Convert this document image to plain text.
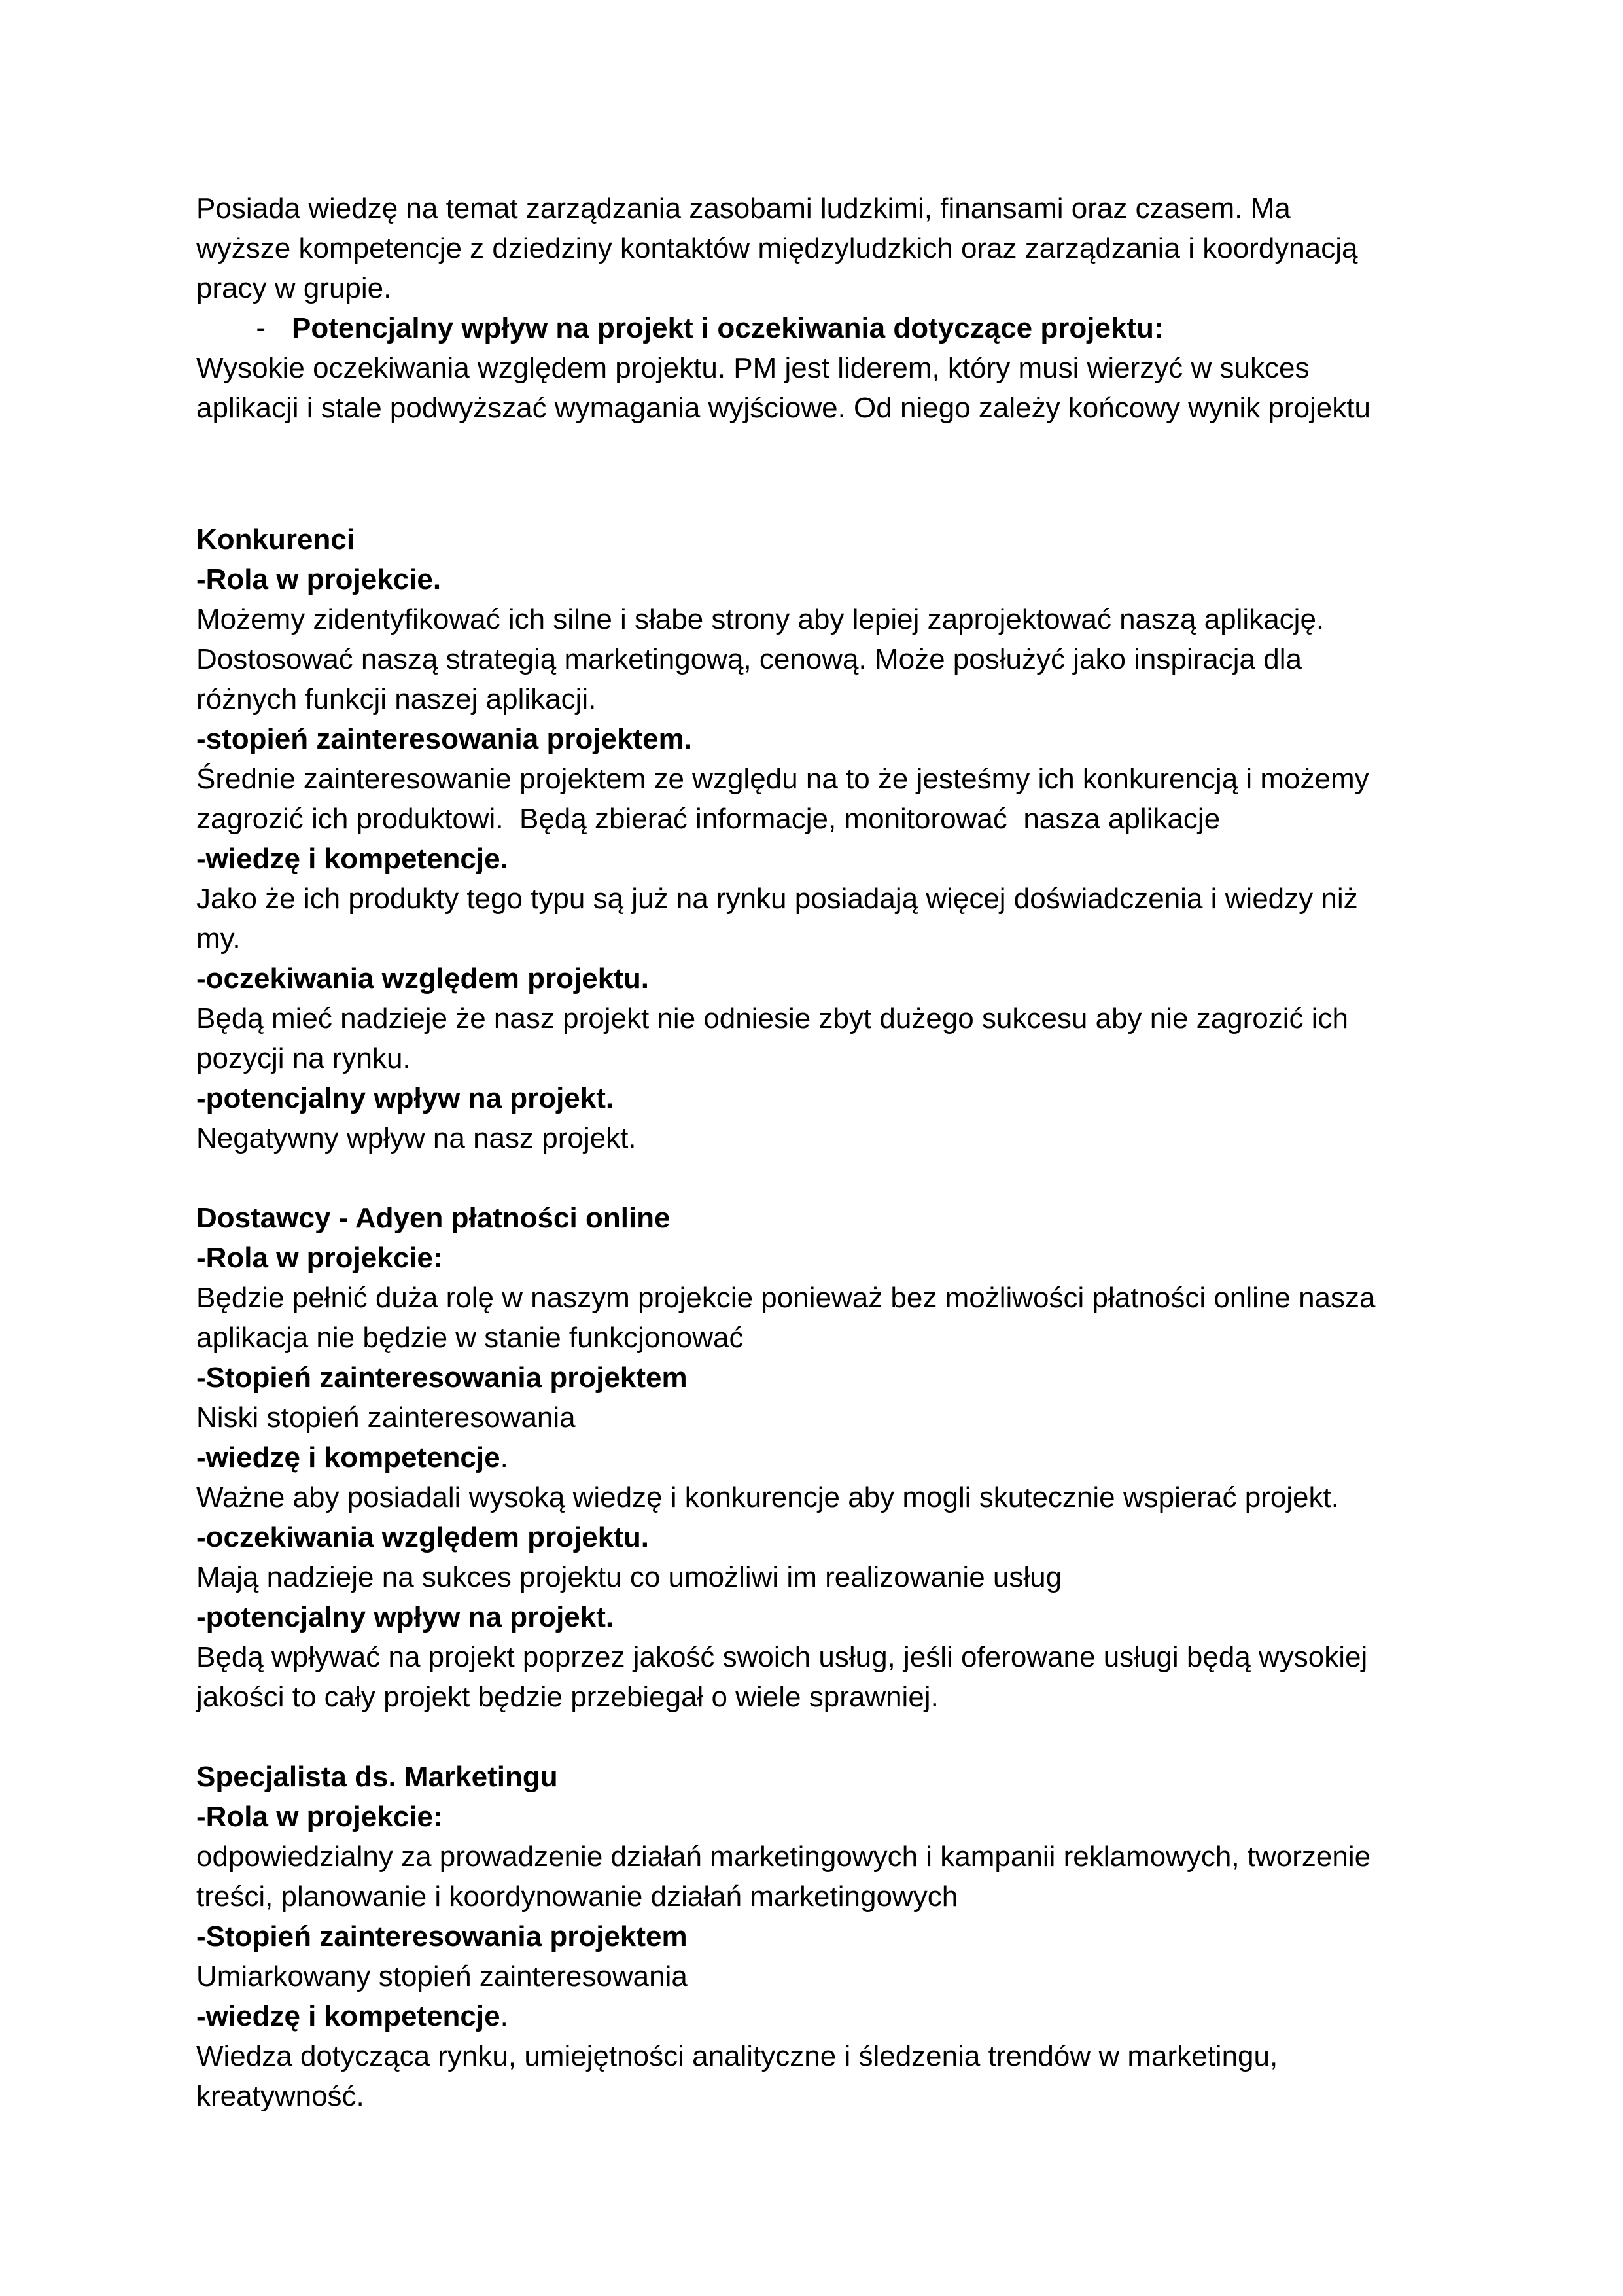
Posiada wiedzę na temat zarządzania zasobami ludzkimi, finansami oraz czasem. Ma
wyższe kompetencje z dziedziny kontaktów międzyludzkich oraz zarządzania i koordynacją
pracy w grupie.
- Potencjalny wpływ na projekt i oczekiwania dotyczące projektu:
Wysokie oczekiwania względem projektu. PM jest liderem, który musi wierzyć w sukces
aplikacji i stale podwyższać wymagania wyjściowe. Od niego zależy końcowy wynik projektu
Konkurenci
-Rola w projekcie.
Możemy zidentyfikować ich silne i słabe strony aby lepiej zaprojektować naszą aplikację.
Dostosować naszą strategią marketingową, cenową. Może posłużyć jako inspiracja dla
różnych funkcji naszej aplikacji.
-stopień zainteresowania projektem.
Średnie zainteresowanie projektem ze względu na to że jesteśmy ich konkurencją i możemy
zagrozić ich produktowi.  Będą zbierać informacje, monitorować  nasza aplikacje
-wiedzę i kompetencje.
Jako że ich produkty tego typu są już na rynku posiadają więcej doświadczenia i wiedzy niż
my.
-oczekiwania względem projektu.
Będą mieć nadzieje że nasz projekt nie odniesie zbyt dużego sukcesu aby nie zagrozić ich
pozycji na rynku.
-potencjalny wpływ na projekt.
Negatywny wpływ na nasz projekt.
Dostawcy - Adyen płatności online
-Rola w projekcie:
Będzie pełnić duża rolę w naszym projekcie ponieważ bez możliwości płatności online nasza
aplikacja nie będzie w stanie funkcjonować
-Stopień zainteresowania projektem
Niski stopień zainteresowania
-wiedzę i kompetencje.
Ważne aby posiadali wysoką wiedzę i konkurencje aby mogli skutecznie wspierać projekt.
-oczekiwania względem projektu.
Mają nadzieje na sukces projektu co umożliwi im realizowanie usług
-potencjalny wpływ na projekt.
Będą wpływać na projekt poprzez jakość swoich usług, jeśli oferowane usługi będą wysokiej
jakości to cały projekt będzie przebiegał o wiele sprawniej.
Specjalista ds. Marketingu
-Rola w projekcie:
odpowiedzialny za prowadzenie działań marketingowych i kampanii reklamowych, tworzenie
treści, planowanie i koordynowanie działań marketingowych
-Stopień zainteresowania projektem
Umiarkowany stopień zainteresowania
-wiedzę i kompetencje.
Wiedza dotycząca rynku, umiejętności analityczne i śledzenia trendów w marketingu,
kreatywność.
